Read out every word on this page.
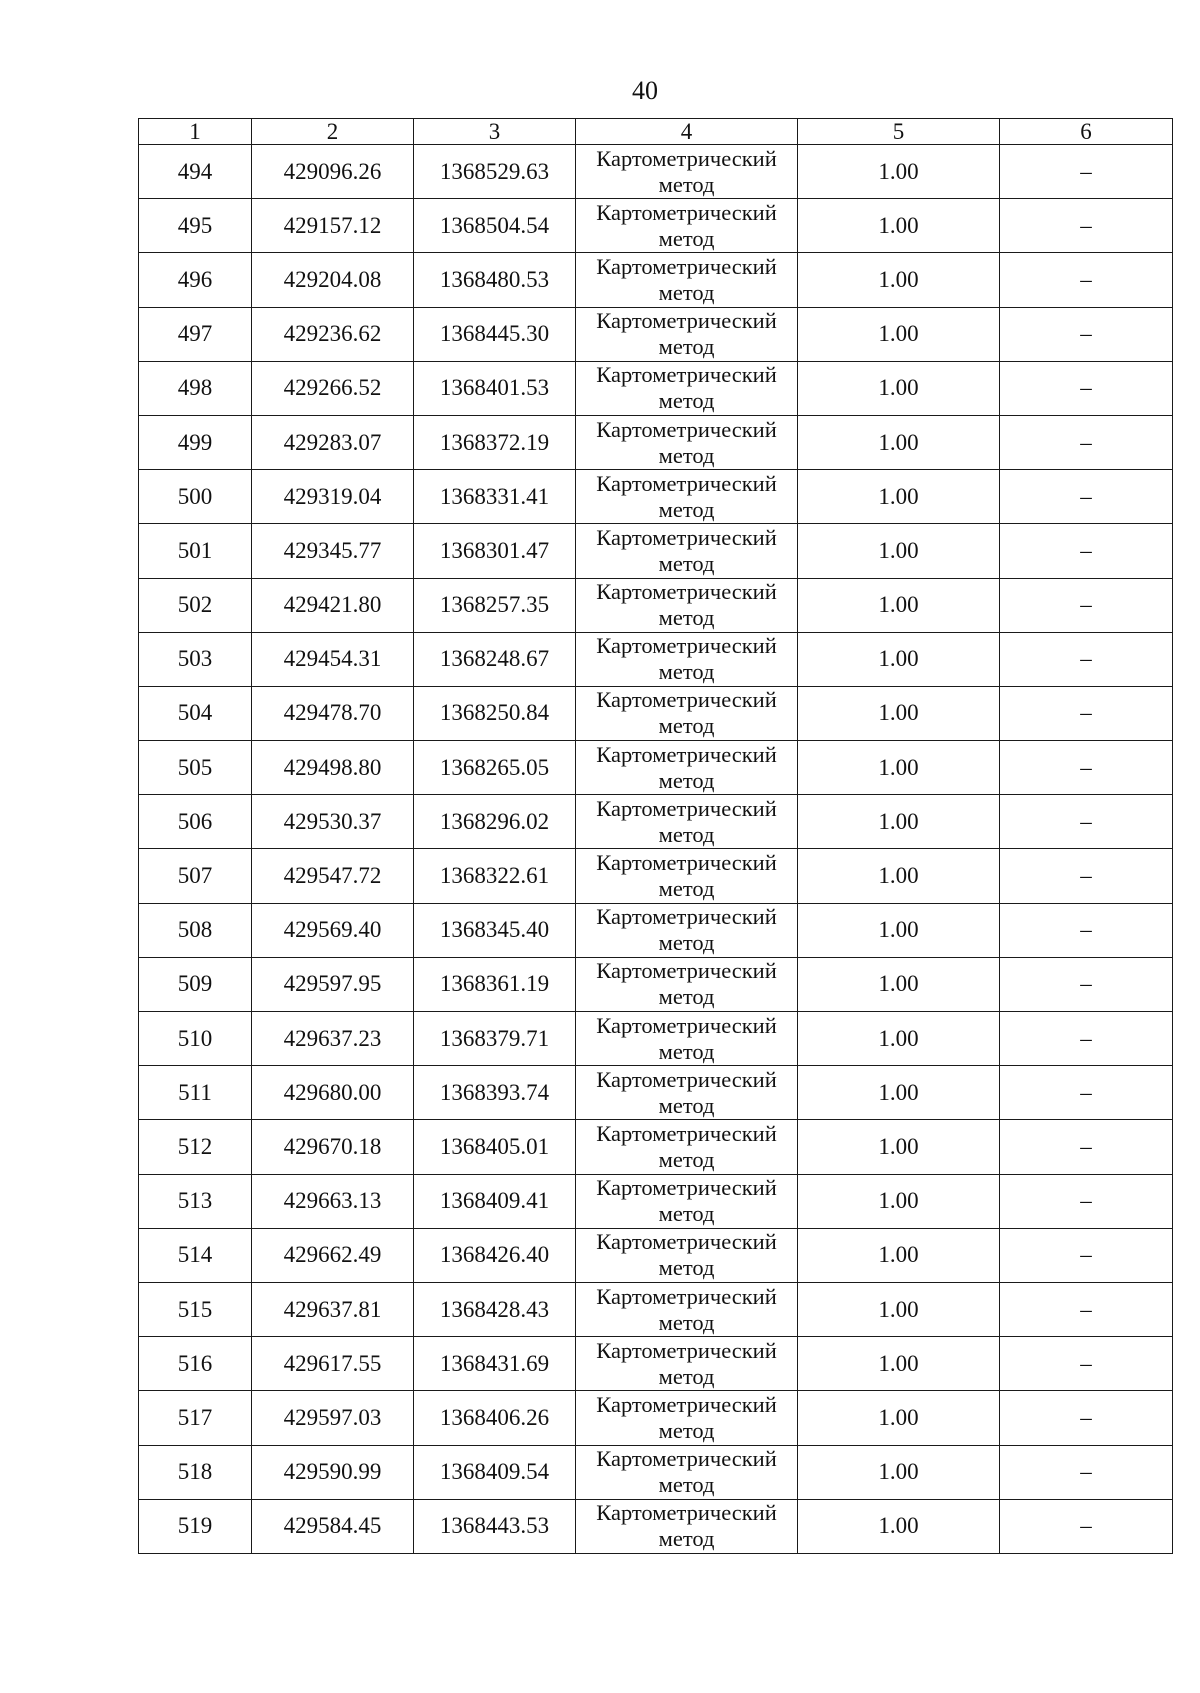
40
1	2	3	4	5	6
494	429096.26	1368529.63	Картометрический метод	1.00	–
495	429157.12	1368504.54	Картометрический метод	1.00	–
496	429204.08	1368480.53	Картометрический метод	1.00	–
497	429236.62	1368445.30	Картометрический метод	1.00	–
498	429266.52	1368401.53	Картометрический метод	1.00	–
499	429283.07	1368372.19	Картометрический метод	1.00	–
500	429319.04	1368331.41	Картометрический метод	1.00	–
501	429345.77	1368301.47	Картометрический метод	1.00	–
502	429421.80	1368257.35	Картометрический метод	1.00	–
503	429454.31	1368248.67	Картометрический метод	1.00	–
504	429478.70	1368250.84	Картометрический метод	1.00	–
505	429498.80	1368265.05	Картометрический метод	1.00	–
506	429530.37	1368296.02	Картометрический метод	1.00	–
507	429547.72	1368322.61	Картометрический метод	1.00	–
508	429569.40	1368345.40	Картометрический метод	1.00	–
509	429597.95	1368361.19	Картометрический метод	1.00	–
510	429637.23	1368379.71	Картометрический метод	1.00	–
511	429680.00	1368393.74	Картометрический метод	1.00	–
512	429670.18	1368405.01	Картометрический метод	1.00	–
513	429663.13	1368409.41	Картометрический метод	1.00	–
514	429662.49	1368426.40	Картометрический метод	1.00	–
515	429637.81	1368428.43	Картометрический метод	1.00	–
516	429617.55	1368431.69	Картометрический метод	1.00	–
517	429597.03	1368406.26	Картометрический метод	1.00	–
518	429590.99	1368409.54	Картометрический метод	1.00	–
519	429584.45	1368443.53	Картометрический метод	1.00	–
